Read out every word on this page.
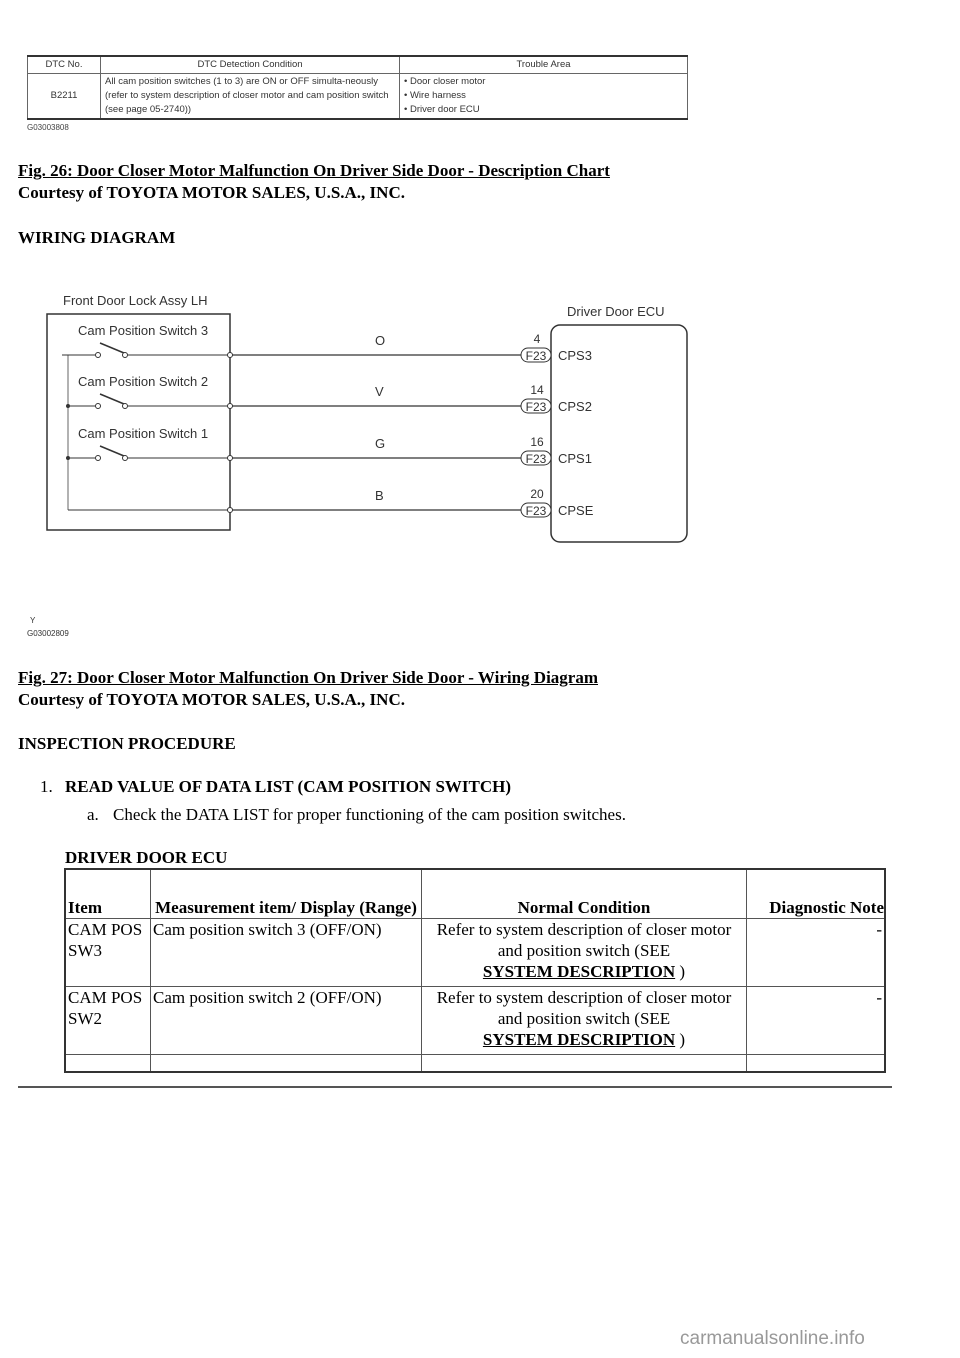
DTC No.	DTC Detection Condition	Trouble Area
B2211	All cam position switches (1 to 3) are ON or OFF simulta-neously (refer to system description of closer motor and cam position switch (see page 05-2740))	• Door closer motor
• Wire harness
• Driver door ECU
G03003808
Fig. 26: Door Closer Motor Malfunction On Driver Side Door - Description Chart
Courtesy of TOYOTA MOTOR SALES, U.S.A., INC.
WIRING DIAGRAM
Front Door Lock Assy LH
Driver Door ECU
Cam Position Switch 3
O	4
F23 CPS3
Cam Position Switch 2
V	14
F23 CPS2
Cam Position Switch 1
G	16
F23 CPS1
B	20
F23 CPSE
Y
G03002809
Fig. 27: Door Closer Motor Malfunction On Driver Side Door - Wiring Diagram
Courtesy of TOYOTA MOTOR SALES, U.S.A., INC.
INSPECTION PROCEDURE
1. READ VALUE OF DATA LIST (CAM POSITION SWITCH)
a. Check the DATA LIST for proper functioning of the cam position switches.
DRIVER DOOR ECU
Item	Measurement item/ Display (Range)	Normal Condition	Diagnostic Note
CAM POS SW3	Cam position switch 3 (OFF/ON)	Refer to system description of closer motor and position switch (SEE
SYSTEM DESCRIPTION )	-
CAM POS SW2	Cam position switch 2 (OFF/ON)	Refer to system description of closer motor and position switch (SEE
SYSTEM DESCRIPTION )	-

carmanualsonline.info
